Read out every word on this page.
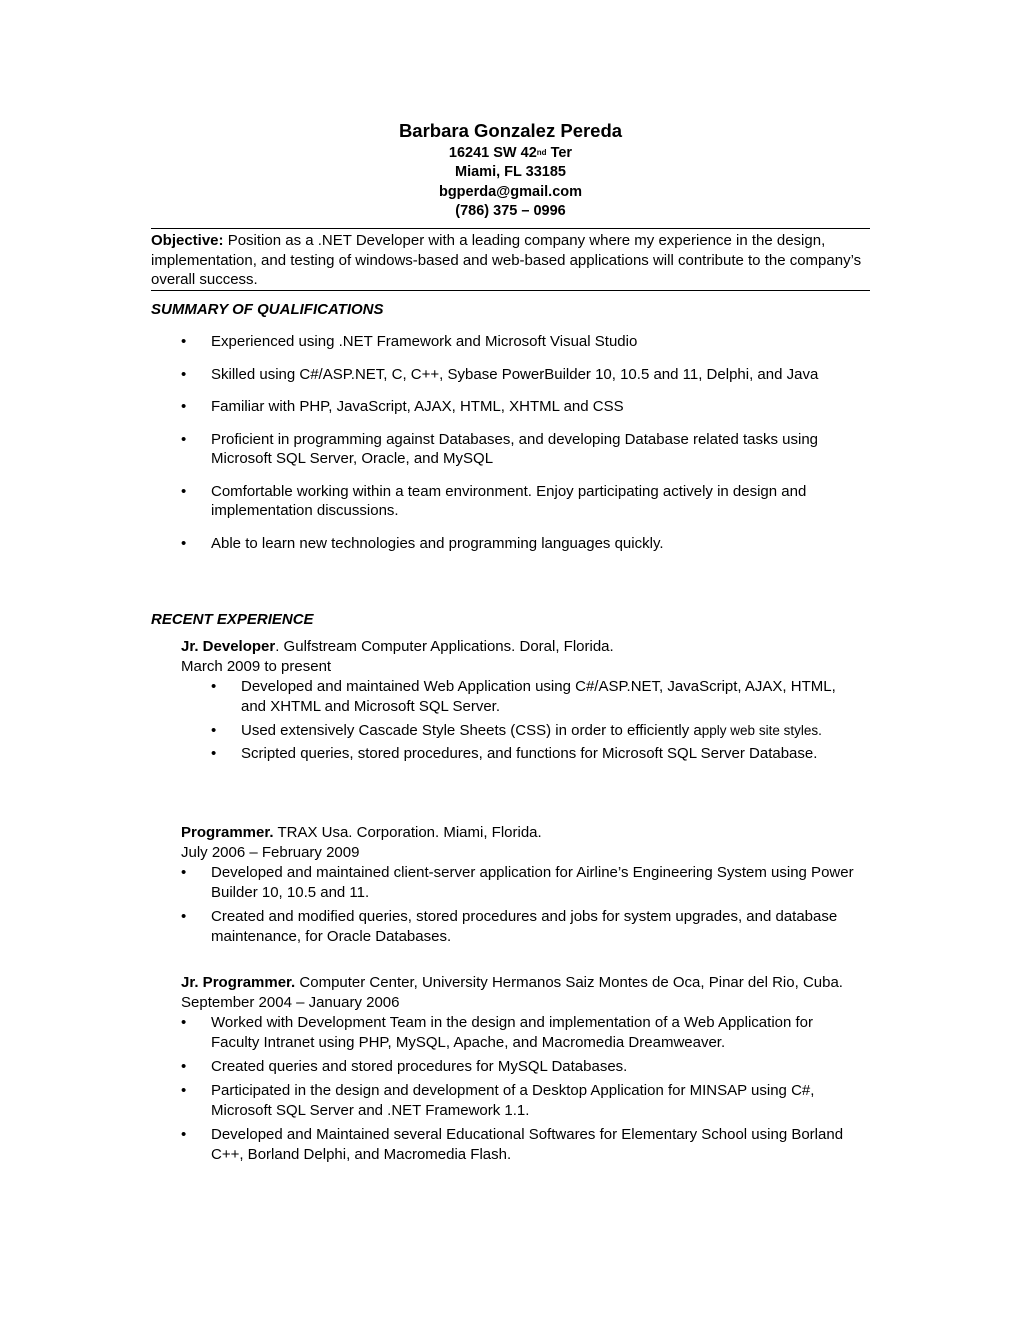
Barbara Gonzalez Pereda
16241 SW 42nd Ter
Miami, FL 33185
bgperda@gmail.com
(786) 375 – 0996
Objective: Position as a .NET Developer with a leading company where my experience in the design, implementation, and testing of windows-based and web-based applications will contribute to the company’s overall success.
SUMMARY OF QUALIFICATIONS
• Experienced using .NET Framework and Microsoft Visual Studio
• Skilled using C#/ASP.NET, C, C++, Sybase PowerBuilder 10, 10.5 and 11, Delphi, and Java
• Familiar with PHP, JavaScript, AJAX, HTML, XHTML and CSS
• Proficient in programming against Databases, and developing Database related tasks using Microsoft SQL Server, Oracle, and MySQL
• Comfortable working within a team environment. Enjoy participating actively in design and implementation discussions.
• Able to learn new technologies and programming languages quickly.
RECENT EXPERIENCE
Jr. Developer. Gulfstream Computer Applications. Doral, Florida.
March 2009 to present
• Developed and maintained Web Application using C#/ASP.NET, JavaScript, AJAX, HTML, and XHTML and Microsoft SQL Server.
• Used extensively Cascade Style Sheets (CSS) in order to efficiently apply web site styles.
• Scripted queries, stored procedures, and functions for Microsoft SQL Server Database.
Programmer. TRAX Usa. Corporation. Miami, Florida.
July 2006 – February 2009
• Developed and maintained client-server application for Airline’s Engineering System using Power Builder 10, 10.5 and 11.
• Created and modified queries, stored procedures and jobs for system upgrades, and database maintenance, for Oracle Databases.
Jr. Programmer. Computer Center, University Hermanos Saiz Montes de Oca, Pinar del Rio, Cuba. September 2004 – January 2006
• Worked with Development Team in the design and implementation of a Web Application for Faculty Intranet using PHP, MySQL, Apache, and Macromedia Dreamweaver.
• Created queries and stored procedures for MySQL Databases.
• Participated in the design and development of a Desktop Application for MINSAP using C#, Microsoft SQL Server and .NET Framework 1.1.
• Developed and Maintained several Educational Softwares for Elementary School using Borland C++, Borland Delphi, and Macromedia Flash.
